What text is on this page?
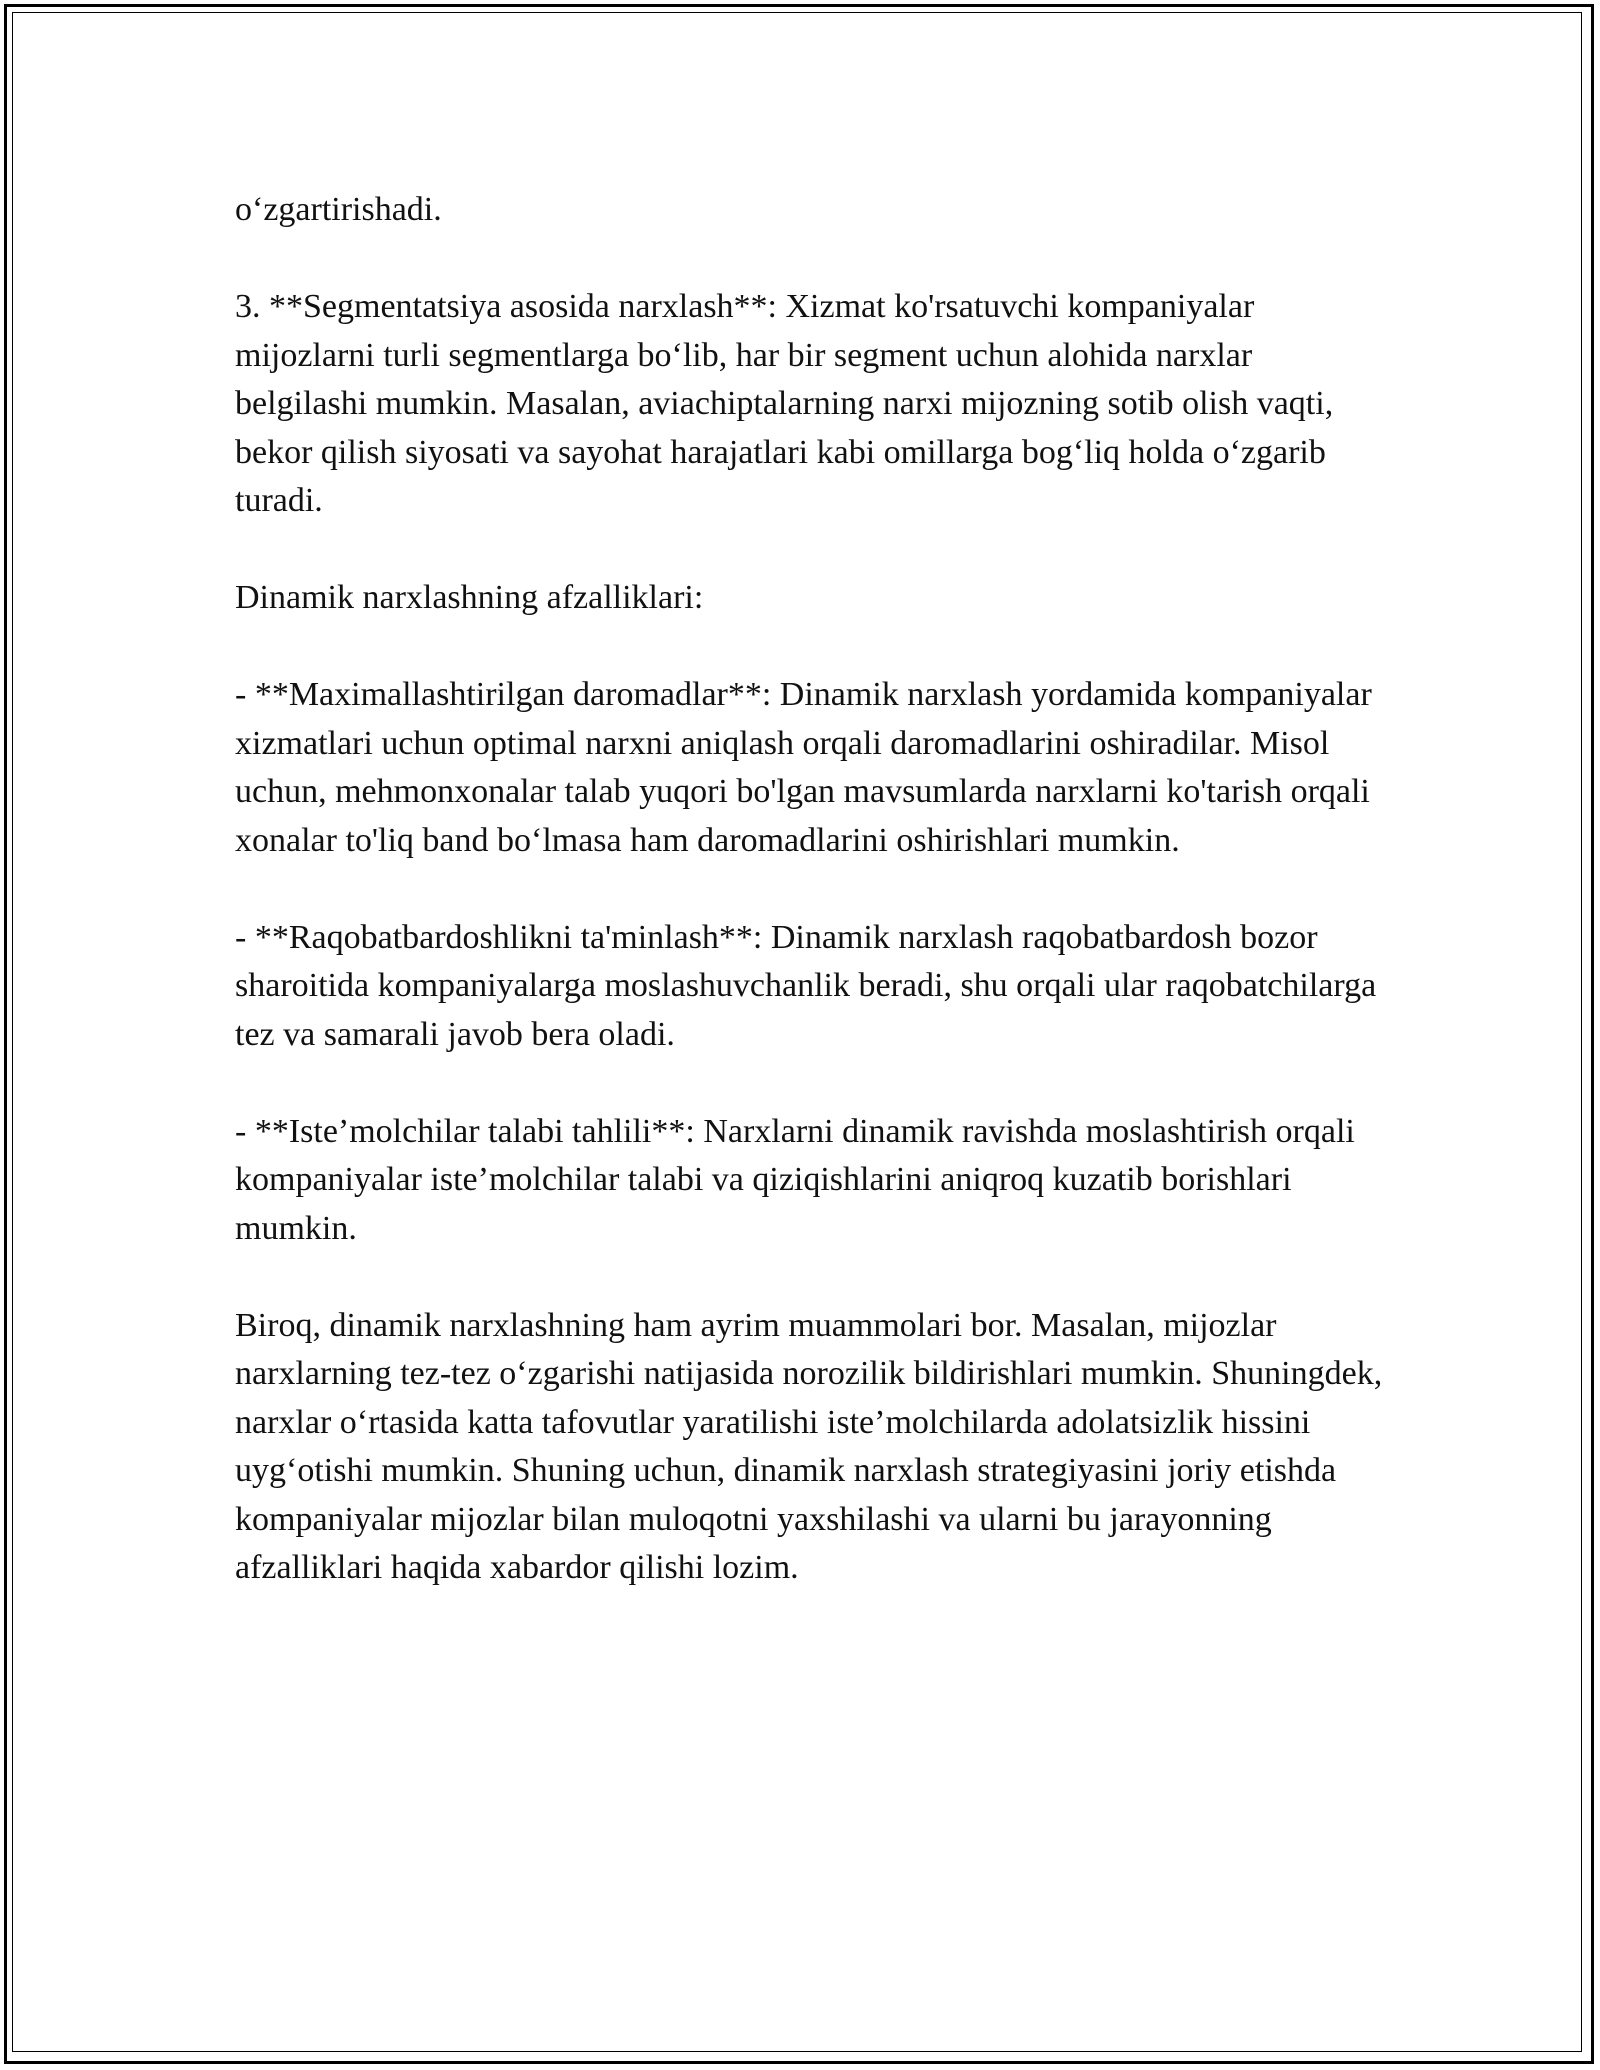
o‘zgartirishadi.

3. **Segmentatsiya asosida narxlash**: Xizmat ko'rsatuvchi kompaniyalar mijozlarni turli segmentlarga bo‘lib, har bir segment uchun alohida narxlar belgilashi mumkin. Masalan, aviachiptalarning narxi mijozning sotib olish vaqti, bekor qilish siyosati va sayohat harajatlari kabi omillarga bog‘liq holda o‘zgarib turadi.

Dinamik narxlashning afzalliklari:

- **Maximallashtirilgan daromadlar**: Dinamik narxlash yordamida kompaniyalar xizmatlari uchun optimal narxni aniqlash orqali daromadlarini oshiradilar. Misol uchun, mehmonxonalar talab yuqori bo'lgan mavsumlarda narxlarni ko'tarish orqali xonalar to'liq band bo‘lmasa ham daromadlarini oshirishlari mumkin.

- **Raqobatbardoshlikni ta'minlash**: Dinamik narxlash raqobatbardosh bozor sharoitida kompaniyalarga moslashuvchanlik beradi, shu orqali ular raqobatchilarga tez va samarali javob bera oladi.

- **Iste’molchilar talabi tahlili**: Narxlarni dinamik ravishda moslashtirish orqali kompaniyalar iste’molchilar talabi va qiziqishlarini aniqroq kuzatib borishlari mumkin.

Biroq, dinamik narxlashning ham ayrim muammolari bor. Masalan, mijozlar narxlarning tez-tez o‘zgarishi natijasida norozilik bildirishlari mumkin. Shuningdek, narxlar o‘rtasida katta tafovutlar yaratilishi iste’molchilarda adolatsizlik hissini uyg‘otishi mumkin. Shuning uchun, dinamik narxlash strategiyasini joriy etishda kompaniyalar mijozlar bilan muloqotni yaxshilashi va ularni bu jarayonning afzalliklari haqida xabardor qilishi lozim.
